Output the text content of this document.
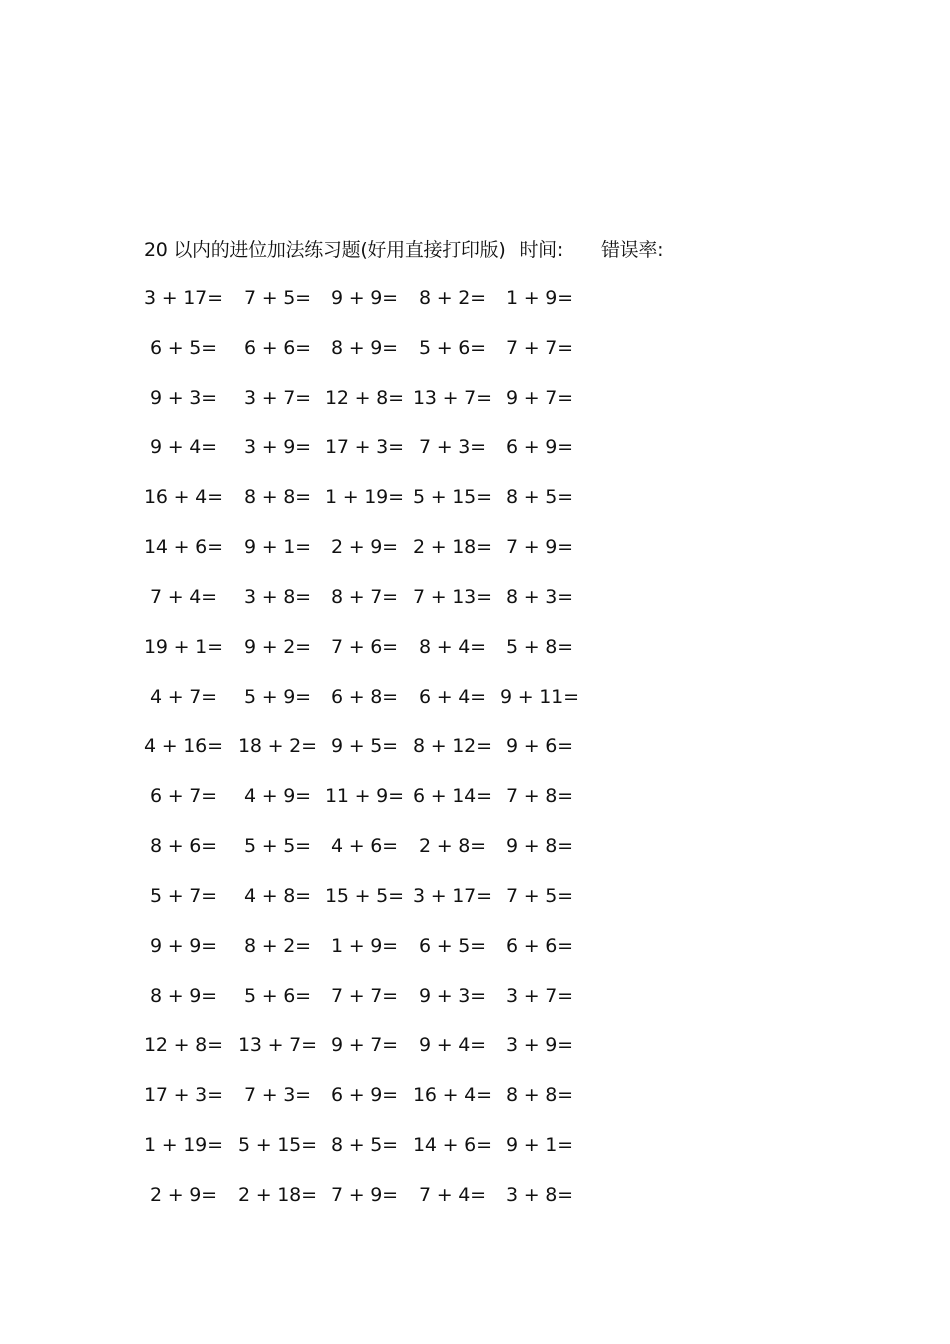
20 以内的进位加法练习题(好用直接打印版) 时间: 错误率:
3 + 17=	7 + 5=	9 + 9=	8 + 2=	1 + 9=
6 + 5=	6 + 6=	8 + 9=	5 + 6=	7 + 7=
9 + 3=	3 + 7= 12 + 8= 13 + 7= 9 + 7=
9 + 4=	3 + 9= 17 + 3= 7 + 3=	6 + 9=
16 + 4=	8 + 8= 1 + 19= 5 + 15= 8 + 5=
14 + 6=	9 + 1=	2 + 9= 2 + 18= 7 + 9=
7 + 4=	3 + 8=	8 + 7= 7 + 13= 8 + 3=
19 + 1=	9 + 2=	7 + 6=	8 + 4=	5 + 8=
4 + 7=	5 + 9=	6 + 8=	6 + 4= 9 + 11=
4 + 16= 18 + 2= 9 + 5= 8 + 12= 9 + 6=
6 + 7=	4 + 9= 11 + 9= 6 + 14= 7 + 8=
8 + 6=	5 + 5=	4 + 6=	2 + 8=	9 + 8=
5 + 7=	4 + 8= 15 + 5= 3 + 17= 7 + 5=
9 + 9=	8 + 2=	1 + 9=	6 + 5=	6 + 6=
8 + 9=	5 + 6=	7 + 7=	9 + 3=	3 + 7=
12 + 8= 13 + 7= 9 + 7=	9 + 4=	3 + 9=
17 + 3=	7 + 3=	6 + 9= 16 + 4= 8 + 8=
1 + 19= 5 + 15= 8 + 5= 14 + 6= 9 + 1=
2 + 9=	2 + 18= 7 + 9=	7 + 4=	3 + 8=
